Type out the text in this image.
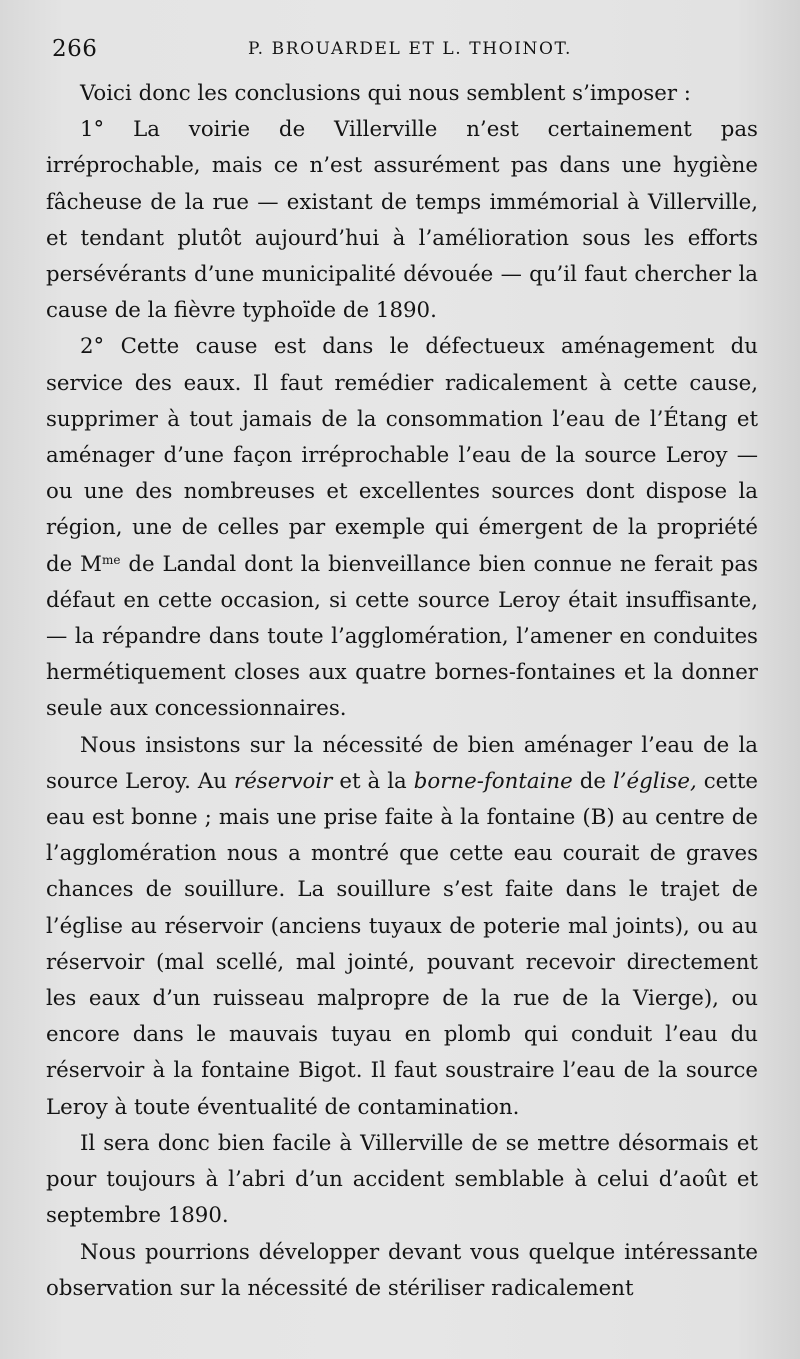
266	P. BROUARDEL ET L. THOINOT.

Voici donc les conclusions qui nous semblent s’imposer :

1° La voirie de Villerville n’est certainement pas irréprochable, mais ce n’est assurément pas dans une hygiène fâcheuse de la rue — existant de temps immémorial à Villerville, et tendant plutôt aujourd’hui à l’amélioration sous les efforts persévérants d’une municipalité dévouée — qu’il faut chercher la cause de la fièvre typhoïde de 1890.

2° Cette cause est dans le défectueux aménagement du service des eaux. Il faut remédier radicalement à cette cause, supprimer à tout jamais de la consommation l’eau de l’Étang et aménager d’une façon irréprochable l’eau de la source Leroy — ou une des nombreuses et excellentes sources dont dispose la région, une de celles par exemple qui émergent de la propriété de $M^{me}$ de Landal dont la bienveillance bien connue ne ferait pas défaut en cette occasion, si cette source Leroy était insuffisante, — la répandre dans toute l’agglomération, l’amener en conduites hermétiquement closes aux quatre bornes-fontaines et la donner seule aux concessionnaires.

Nous insistons sur la nécessité de bien aménager l’eau de la source Leroy. Au réservoir et à la borne-fontaine de l’église, cette eau est bonne ; mais une prise faite à la fontaine (B) au centre de l’agglomération nous a montré que cette eau courait de graves chances de souillure. La souillure s’est faite dans le trajet de l’église au réservoir (anciens tuyaux de poterie mal joints), ou au réservoir (mal scellé, mal jointé, pouvant recevoir directement les eaux d’un ruisseau malpropre de la rue de la Vierge), ou encore dans le mauvais tuyau en plomb qui conduit l’eau du réservoir à la fontaine Bigot. Il faut soustraire l’eau de la source Leroy à toute éventualité de contamination.

Il sera donc bien facile à Villerville de se mettre désormais et pour toujours à l’abri d’un accident semblable à celui d’août et septembre 1890.

Nous pourrions développer devant vous quelque intéressante observation sur la nécessité de stériliser radicalement
